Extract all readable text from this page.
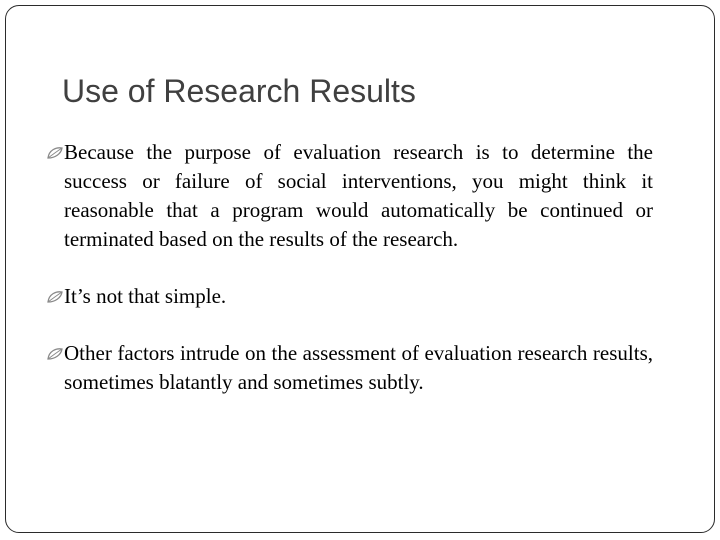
Use of Research Results
Because the purpose of evaluation research is to determine the success or failure of social interventions, you might think it reasonable that a program would automatically be continued or terminated based on the results of the research.
It’s not that simple.
Other factors intrude on the assessment of evaluation research results, sometimes blatantly and sometimes subtly.
